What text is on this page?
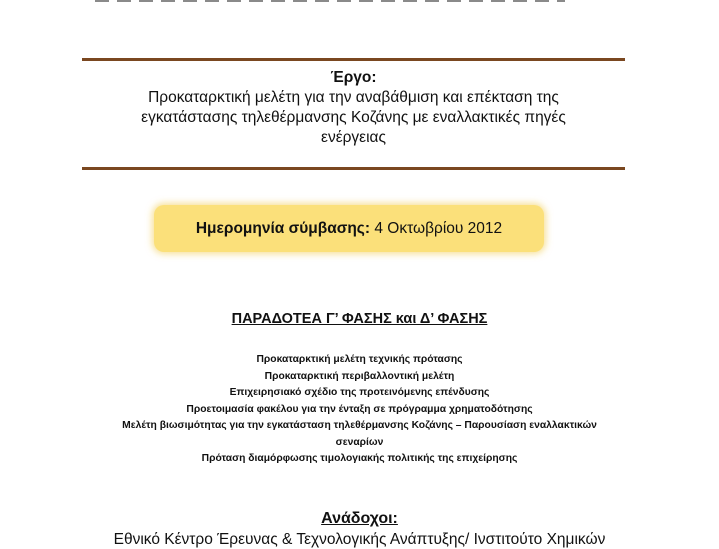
Έργο:
Προκαταρκτική μελέτη για την αναβάθμιση και επέκταση της
εγκατάστασης τηλεθέρμανσης Κοζάνης με εναλλακτικές πηγές
ενέργειας
Ημερομηνία σύμβασης:
4 Οκτωβρίου 2012
ΠΑΡΑΔΟΤΕΑ Γ’ ΦΑΣΗΣ και Δ’ ΦΑΣΗΣ
Προκαταρκτική μελέτη τεχνικής πρότασης
Προκαταρκτική περιβαλλοντική μελέτη
Επιχειρησιακό σχέδιο της προτεινόμενης επένδυσης
Προετοιμασία φακέλου για την ένταξη σε πρόγραμμα χρηματοδότησης
Μελέτη βιωσιμότητας για την εγκατάσταση τηλεθέρμανσης Κοζάνης – Παρουσίαση εναλλακτικών
σεναρίων
Πρόταση διαμόρφωσης τιμολογιακής πολιτικής της επιχείρησης
Ανάδοχοι:
Εθνικό Κέντρο Έρευνας & Τεχνολογικής Ανάπτυξης/ Ινστιτούτο Χημικών
